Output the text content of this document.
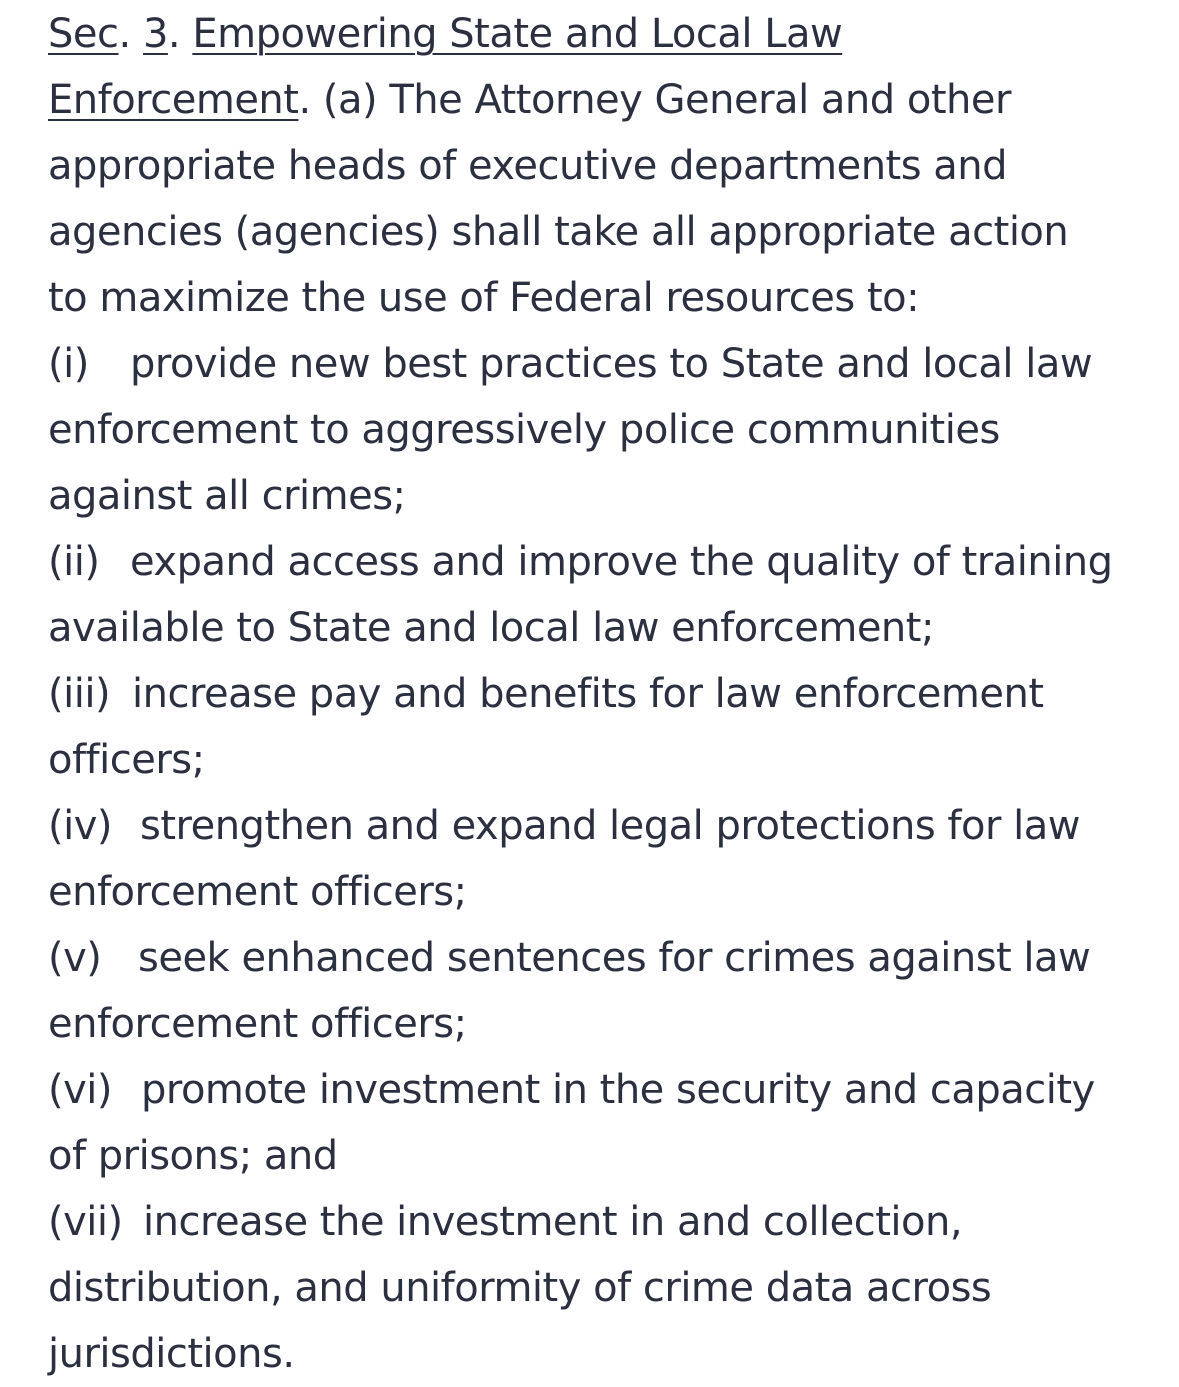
Sec. 3. Empowering State and Local Law
Enforcement. (a) The Attorney General and other
appropriate heads of executive departments and
agencies (agencies) shall take all appropriate action
to maximize the use of Federal resources to:
(i) provide new best practices to State and local law
enforcement to aggressively police communities
against all crimes;
(ii) expand access and improve the quality of training
available to State and local law enforcement;
(iii) increase pay and benefits for law enforcement
officers;
(iv) strengthen and expand legal protections for law
enforcement officers;
(v) seek enhanced sentences for crimes against law
enforcement officers;
(vi) promote investment in the security and capacity
of prisons; and
(vii) increase the investment in and collection,
distribution, and uniformity of crime data across
jurisdictions.
